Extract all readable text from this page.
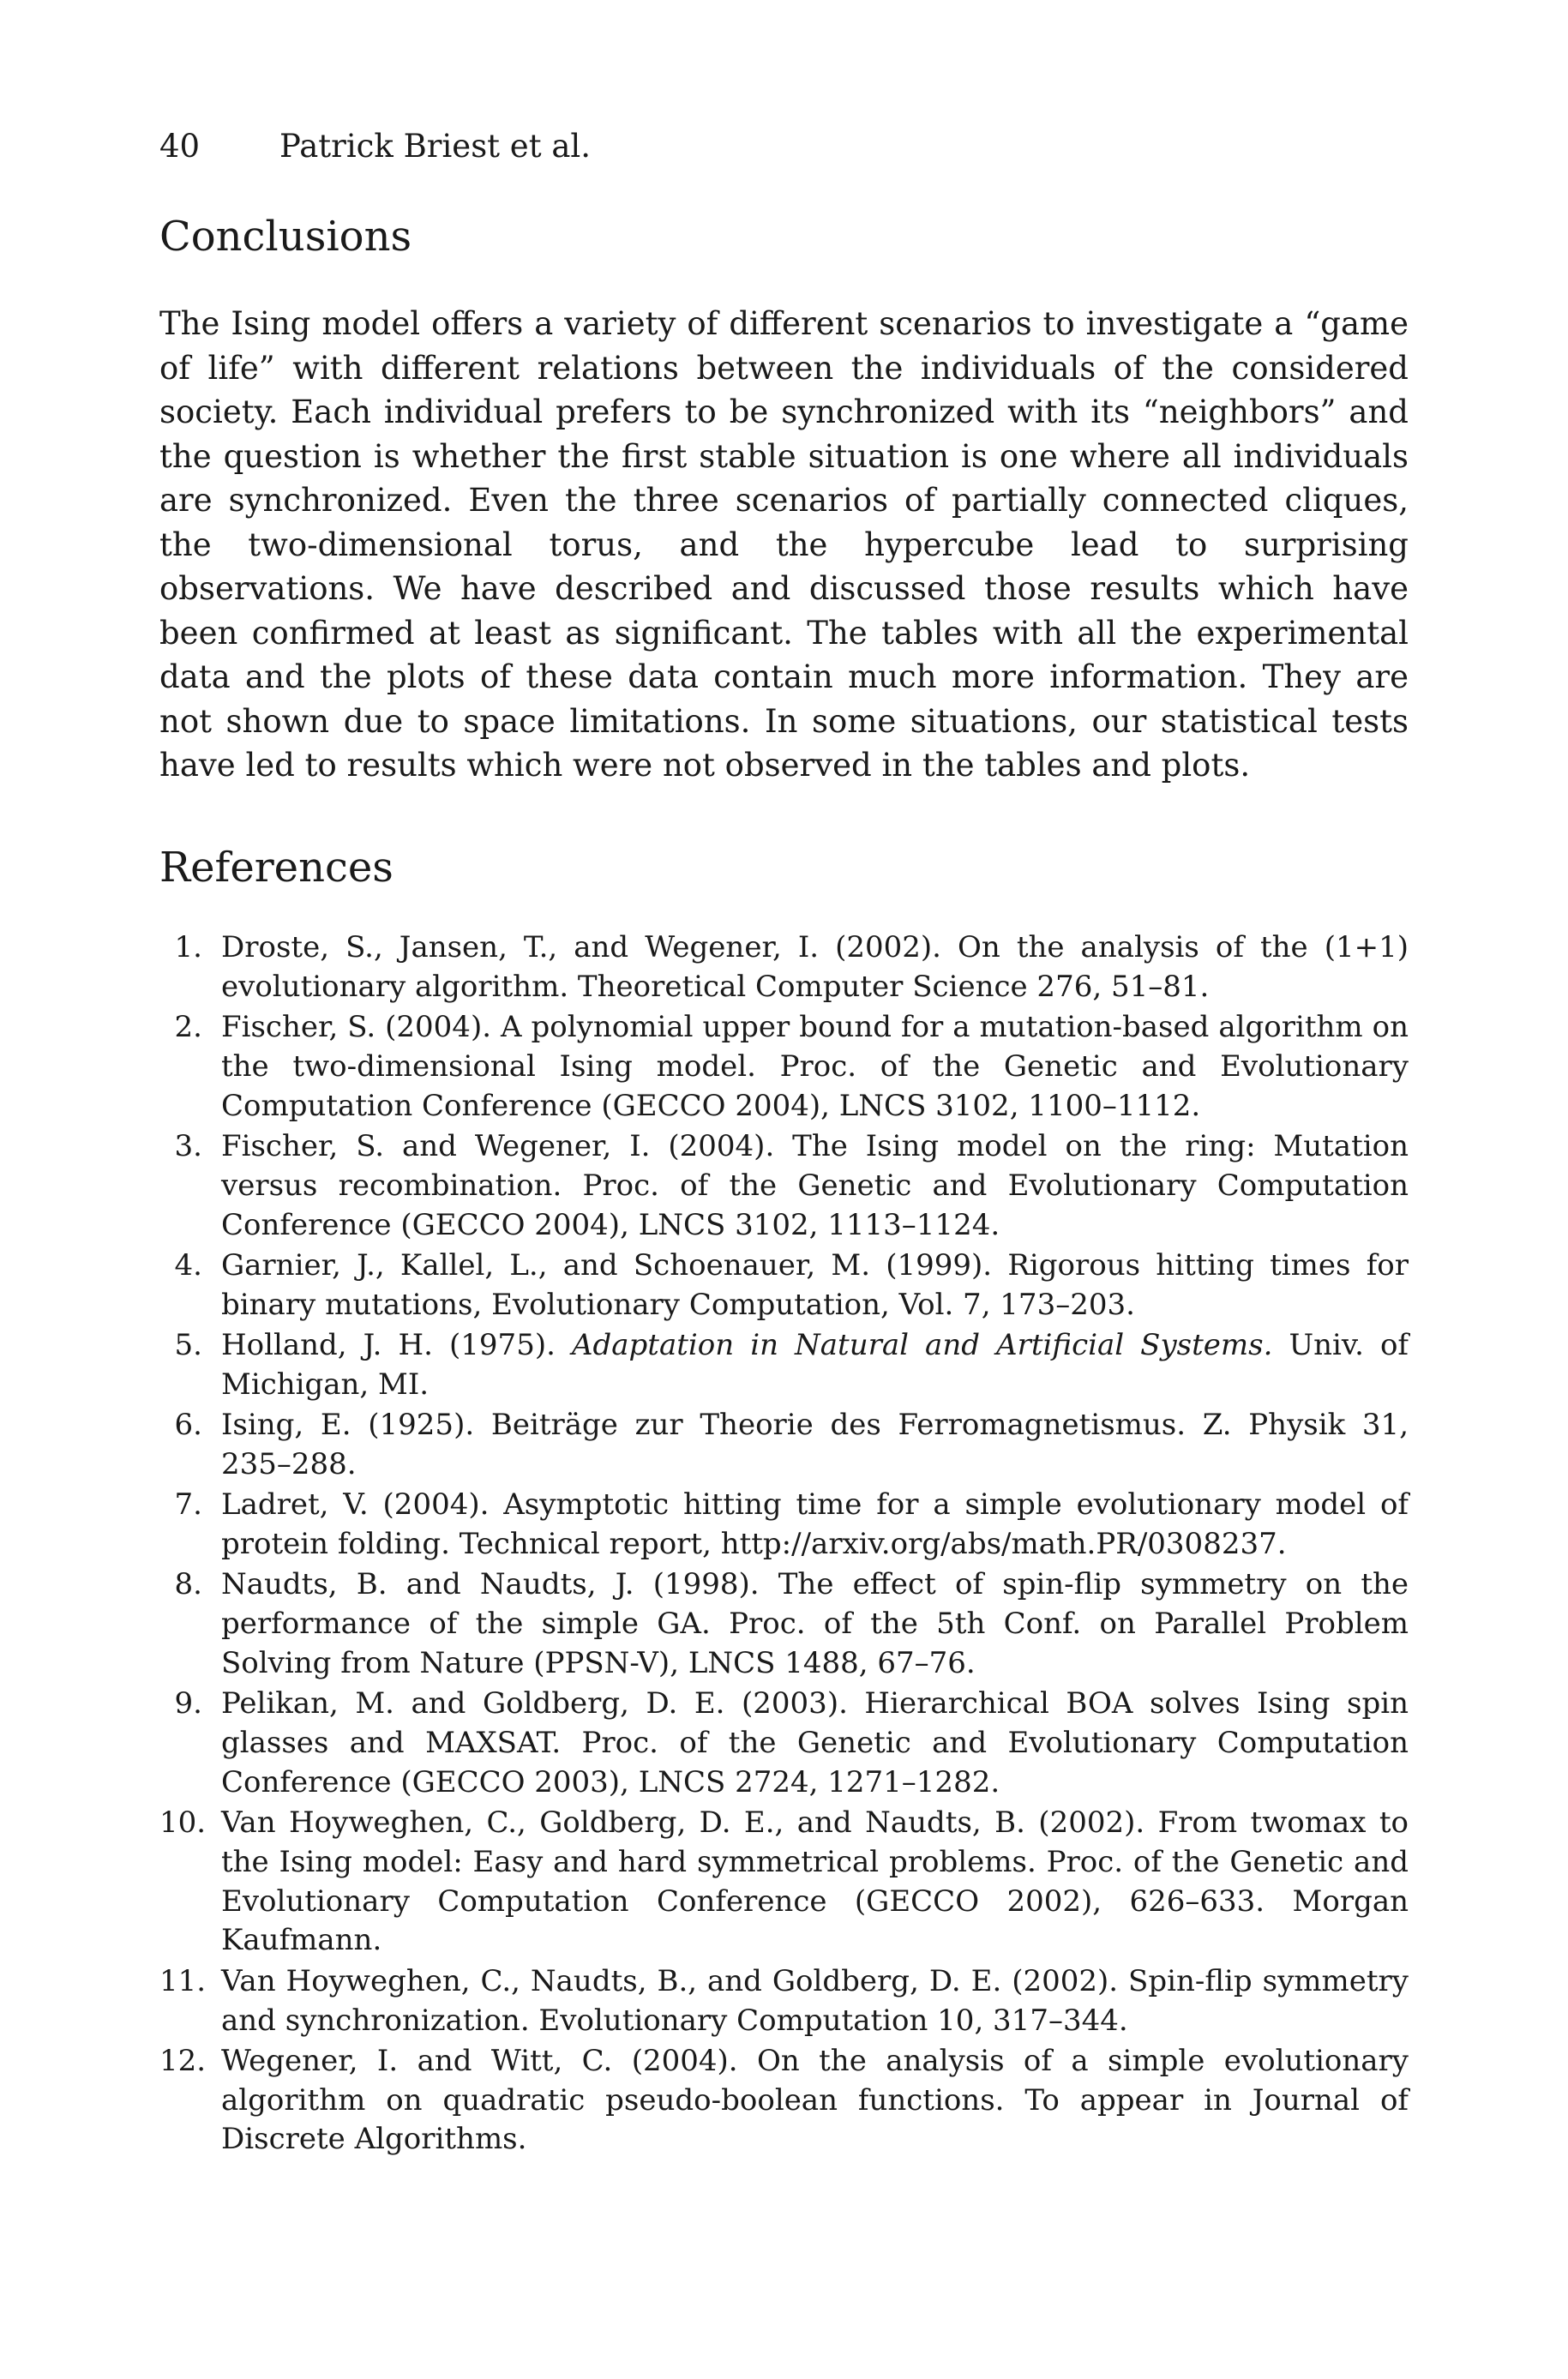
40	Patrick Briest et al.
Conclusions

The Ising model offers a variety of different scenarios to investigate a “game of life” with different relations between the individuals of the considered society. Each individual prefers to be synchronized with its “neighbors” and the question is whether the first stable situation is one where all individuals are synchronized. Even the three scenarios of partially connected cliques, the two-dimensional torus, and the hypercube lead to surprising observations. We have described and discussed those results which have been confirmed at least as significant. The tables with all the experimental data and the plots of these data contain much more information. They are not shown due to space limitations. In some situations, our statistical tests have led to results which were not observed in the tables and plots.

References
1. Droste, S., Jansen, T., and Wegener, I. (2002). On the analysis of the (1+1) evolutionary algorithm. Theoretical Computer Science 276, 51–81.
2. Fischer, S. (2004). A polynomial upper bound for a mutation-based algorithm on the two-dimensional Ising model. Proc. of the Genetic and Evolutionary Computation Conference (GECCO 2004), LNCS 3102, 1100–1112.
3. Fischer, S. and Wegener, I. (2004). The Ising model on the ring: Mutation versus recombination. Proc. of the Genetic and Evolutionary Computation Conference (GECCO 2004), LNCS 3102, 1113–1124.
4. Garnier, J., Kallel, L., and Schoenauer, M. (1999). Rigorous hitting times for binary mutations, Evolutionary Computation, Vol. 7, 173–203.
5. Holland, J. H. (1975). Adaptation in Natural and Artificial Systems. Univ. of Michigan, MI.
6. Ising, E. (1925). Beiträge zur Theorie des Ferromagnetismus. Z. Physik 31, 235–288.
7. Ladret, V. (2004). Asymptotic hitting time for a simple evolutionary model of protein folding. Technical report, http://arxiv.org/abs/math.PR/0308237.
8. Naudts, B. and Naudts, J. (1998). The effect of spin-flip symmetry on the performance of the simple GA. Proc. of the 5th Conf. on Parallel Problem Solving from Nature (PPSN-V), LNCS 1488, 67–76.
9. Pelikan, M. and Goldberg, D. E. (2003). Hierarchical BOA solves Ising spin glasses and MAXSAT. Proc. of the Genetic and Evolutionary Computation Conference (GECCO 2003), LNCS 2724, 1271–1282.
10. Van Hoyweghen, C., Goldberg, D. E., and Naudts, B. (2002). From twomax to the Ising model: Easy and hard symmetrical problems. Proc. of the Genetic and Evolutionary Computation Conference (GECCO 2002), 626–633. Morgan Kaufmann.
11. Van Hoyweghen, C., Naudts, B., and Goldberg, D. E. (2002). Spin-flip symmetry and synchronization. Evolutionary Computation 10, 317–344.
12. Wegener, I. and Witt, C. (2004). On the analysis of a simple evolutionary algorithm on quadratic pseudo-boolean functions. To appear in Journal of Discrete Algorithms.
